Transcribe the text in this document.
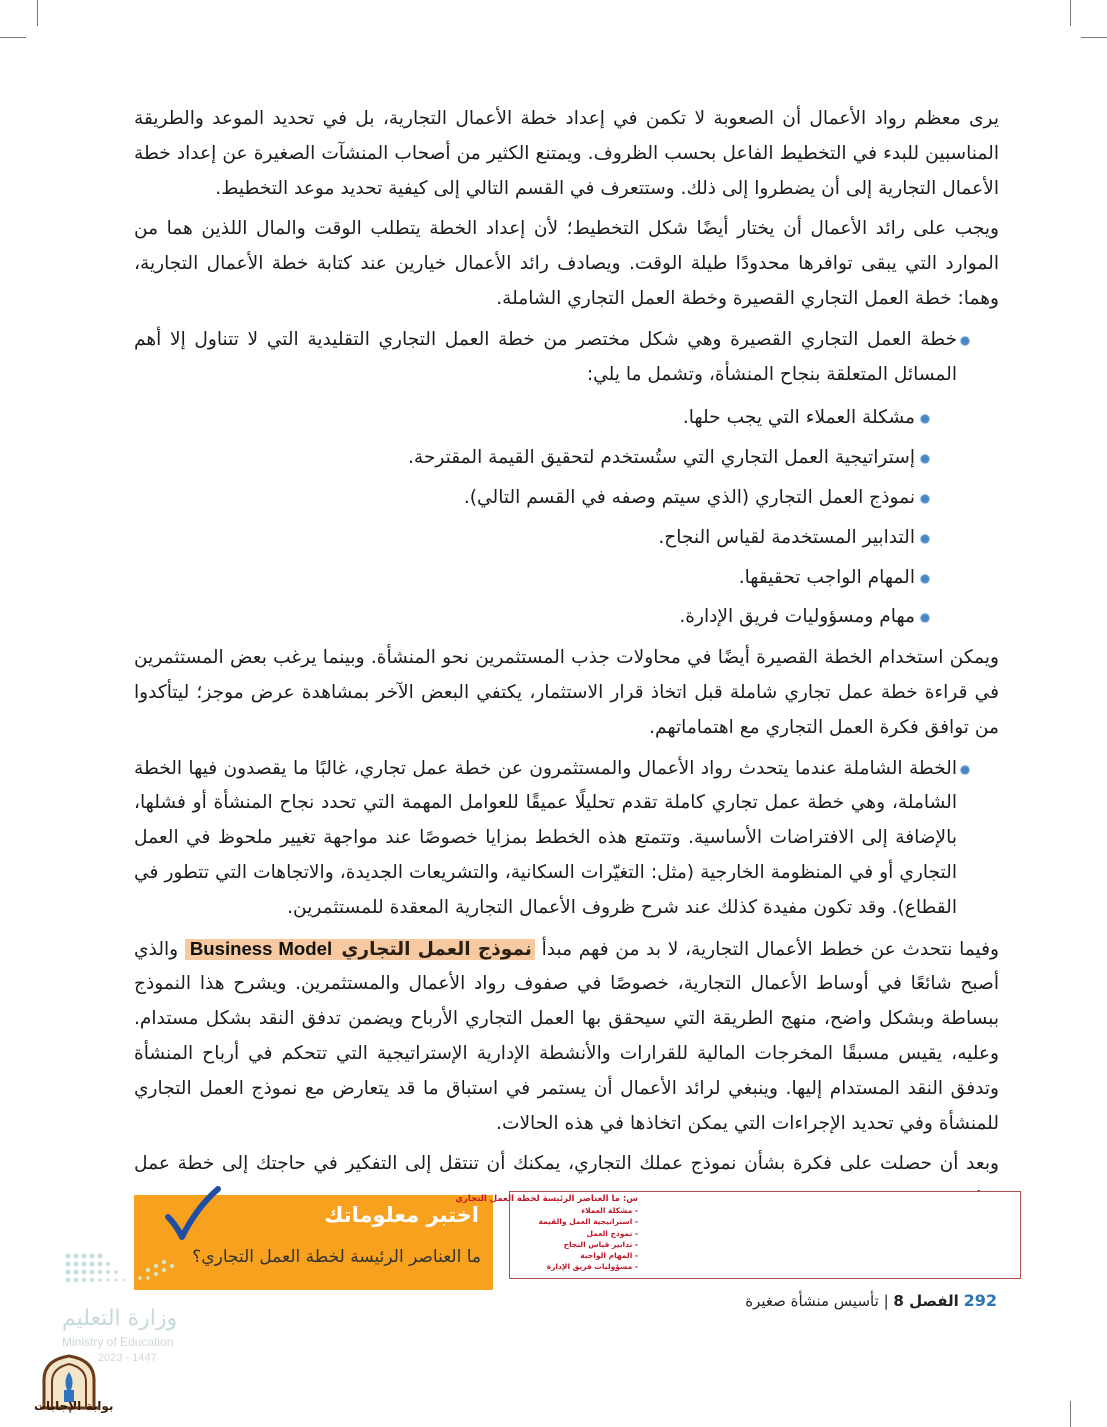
يرى معظم رواد الأعمال أن الصعوبة لا تكمن في إعداد خطة الأعمال التجارية، بل في تحديد الموعد والطريقة المناسبين للبدء في التخطيط الفاعل بحسب الظروف. ويمتنع الكثير من أصحاب المنشآت الصغيرة عن إعداد خطة الأعمال التجارية إلى أن يضطروا إلى ذلك. وستتعرف في القسم التالي إلى كيفية تحديد موعد التخطيط.

ويجب على رائد الأعمال أن يختار أيضًا شكل التخطيط؛ لأن إعداد الخطة يتطلب الوقت والمال اللذين هما من الموارد التي يبقى توافرها محدودًا طيلة الوقت. ويصادف رائد الأعمال خيارين عند كتابة خطة الأعمال التجارية، وهما: خطة العمل التجاري القصيرة وخطة العمل التجاري الشاملة.

خطة العمل التجاري القصيرة وهي شكل مختصر من خطة العمل التجاري التقليدية التي لا تتناول إلا أهم المسائل المتعلقة بنجاح المنشأة، وتشمل ما يلي:
مشكلة العملاء التي يجب حلها.
إستراتيجية العمل التجاري التي ستُستخدم لتحقيق القيمة المقترحة.
نموذج العمل التجاري (الذي سيتم وصفه في القسم التالي).
التدابير المستخدمة لقياس النجاح.
المهام الواجب تحقيقها.
مهام ومسؤوليات فريق الإدارة.

ويمكن استخدام الخطة القصيرة أيضًا في محاولات جذب المستثمرين نحو المنشأة. وبينما يرغب بعض المستثمرين في قراءة خطة عمل تجاري شاملة قبل اتخاذ قرار الاستثمار، يكتفي البعض الآخر بمشاهدة عرض موجز؛ ليتأكدوا من توافق فكرة العمل التجاري مع اهتماماتهم.

الخطة الشاملة عندما يتحدث رواد الأعمال والمستثمرون عن خطة عمل تجاري، غالبًا ما يقصدون فيها الخطة الشاملة، وهي خطة عمل تجاري كاملة تقدم تحليلًا عميقًا للعوامل المهمة التي تحدد نجاح المنشأة أو فشلها، بالإضافة إلى الافتراضات الأساسية. وتتمتع هذه الخطط بمزايا خصوصًا عند مواجهة تغيير ملحوظ في العمل التجاري أو في المنظومة الخارجية (مثل: التغيّرات السكانية، والتشريعات الجديدة، والاتجاهات التي تتطور في القطاع). وقد تكون مفيدة كذلك عند شرح ظروف الأعمال التجارية المعقدة للمستثمرين.

وفيما نتحدث عن خطط الأعمال التجارية، لا بد من فهم مبدأ نموذج العمل التجاري Business Model والذي أصبح شائعًا في أوساط الأعمال التجارية، خصوصًا في صفوف رواد الأعمال والمستثمرين. ويشرح هذا النموذج ببساطة وبشكل واضح، منهج الطريقة التي سيحقق بها العمل التجاري الأرباح ويضمن تدفق النقد بشكل مستدام. وعليه، يقيس مسبقًا المخرجات المالية للقرارات والأنشطة الإدارية الإستراتيجية التي تتحكم في أرباح المنشأة وتدفق النقد المستدام إليها. وينبغي لرائد الأعمال أن يستمر في استباق ما قد يتعارض مع نموذج العمل التجاري للمنشأة وفي تحديد الإجراءات التي يمكن اتخاذها في هذه الحالات.

وبعد أن حصلت على فكرة بشأن نموذج عملك التجاري، يمكنك أن تنتقل إلى التفكير في حاجتك إلى خطة عمل

اختبر معلوماتك
ما العناصر الرئيسة لخطة العمل التجاري؟
س: ما العناصر الرئيسة لخطة العمل التجاري
- مشكلة العملاء
- استراتيجية العمل والقيمة
- نموذج العمل
- تدابير قياس النجاح
- المهام الواجبة
- مسؤوليات فريق الإدارة
292 الفصل 8 | تأسيس منشأة صغيرة
وزارة التعليم
Ministry of Education
2023 - 1447
بوابة الإجابات
